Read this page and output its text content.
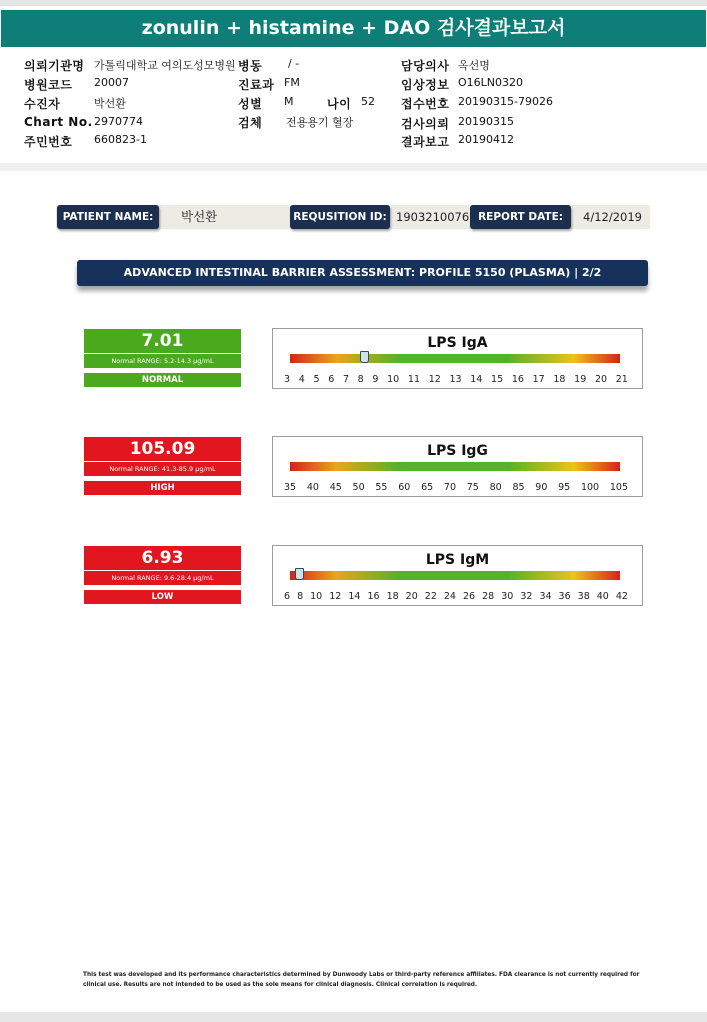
zonulin + histamine + DAO 검사결과보고서
의뢰기관명 가톨릭대학교 여의도성모병원 병동 / -	담당의사 옥선명
병원코드 20007	진료과 FM	임상정보 O16LN0320
수진자	박선환	성별 M	나이 52 접수번호 20190315-79026
Chart No. 2970774	검체 전용용기 혈장	검사의뢰 20190315
주민번호 660823-1	결과보고 20190412
PATIENT NAME:	박선환	REQUSITION ID: 1903210076 REPORT DATE:	4/12/2019
ADVANCED INTESTINAL BARRIER ASSESSMENT: PROFILE 5150 (PLASMA) | 2/2
7.01
Normal RANGE: 5.2-14.3 µg/mL
NORMAL
LPS IgA
3 4 5 6 7 8 9 10 11 12 13 14 15 16 17 18 19 20 21
105.09
Normal RANGE: 41.3-85.9 µg/mL
HIGH
LPS IgG
35 40 45 50 55 60 65 70 75 80 85 90 95 100 105
6.93
Normal RANGE: 9.6-28.4 µg/mL
LOW
LPS IgM
6 8 10 12 14 16 18 20 22 24 26 28 30 32 34 36 38 40 42
This test was developed and its performance characteristics determined by Dunwoody Labs or third-party reference affiliates. FDA clearance is not currently required for clinical use. Results are not intended to be used as the sole means for clinical diagnosis. Clinical correlation is required.
